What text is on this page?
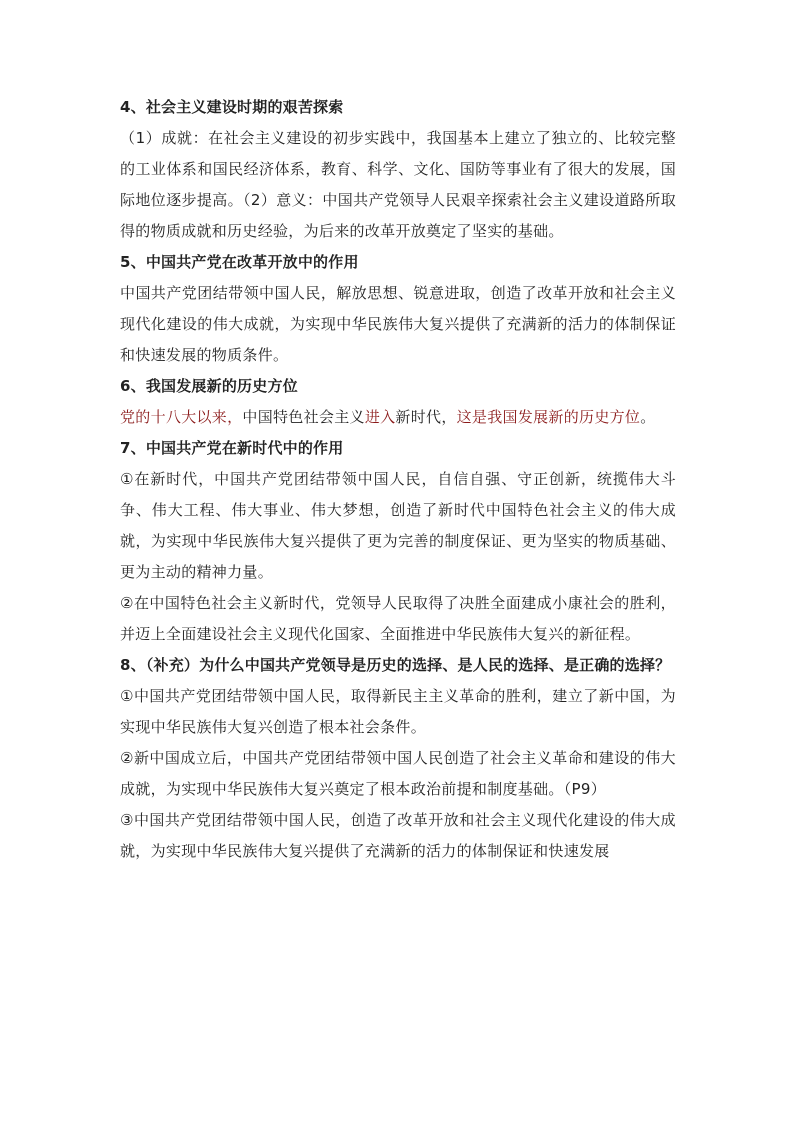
4、社会主义建设时期的艰苦探索

（1）成就：在社会主义建设的初步实践中，我国基本上建立了独立的、比较完整的工业体系和国民经济体系，教育、科学、文化、国防等事业有了很大的发展，国际地位逐步提高。（2）意义：中国共产党领导人民艰辛探索社会主义建设道路所取得的物质成就和历史经验，为后来的改革开放奠定了坚实的基础。

5、中国共产党在改革开放中的作用

中国共产党团结带领中国人民，解放思想、锐意进取，创造了改革开放和社会主义现代化建设的伟大成就，为实现中华民族伟大复兴提供了充满新的活力的体制保证和快速发展的物质条件。

6、我国发展新的历史方位

党的十八大以来，中国特色社会主义进入新时代，这是我国发展新的历史方位。

7、中国共产党在新时代中的作用

①在新时代，中国共产党团结带领中国人民，自信自强、守正创新，统揽伟大斗争、伟大工程、伟大事业、伟大梦想，创造了新时代中国特色社会主义的伟大成就，为实现中华民族伟大复兴提供了更为完善的制度保证、更为坚实的物质基础、更为主动的精神力量。

②在中国特色社会主义新时代，党领导人民取得了决胜全面建成小康社会的胜利，并迈上全面建设社会主义现代化国家、全面推进中华民族伟大复兴的新征程。

8、（补充）为什么中国共产党领导是历史的选择、是人民的选择、是正确的选择？

①中国共产党团结带领中国人民，取得新民主主义革命的胜利，建立了新中国，为实现中华民族伟大复兴创造了根本社会条件。

②新中国成立后，中国共产党团结带领中国人民创造了社会主义革命和建设的伟大成就，为实现中华民族伟大复兴奠定了根本政治前提和制度基础。（P9）

③中国共产党团结带领中国人民，创造了改革开放和社会主义现代化建设的伟大成就，为实现中华民族伟大复兴提供了充满新的活力的体制保证和快速发展
